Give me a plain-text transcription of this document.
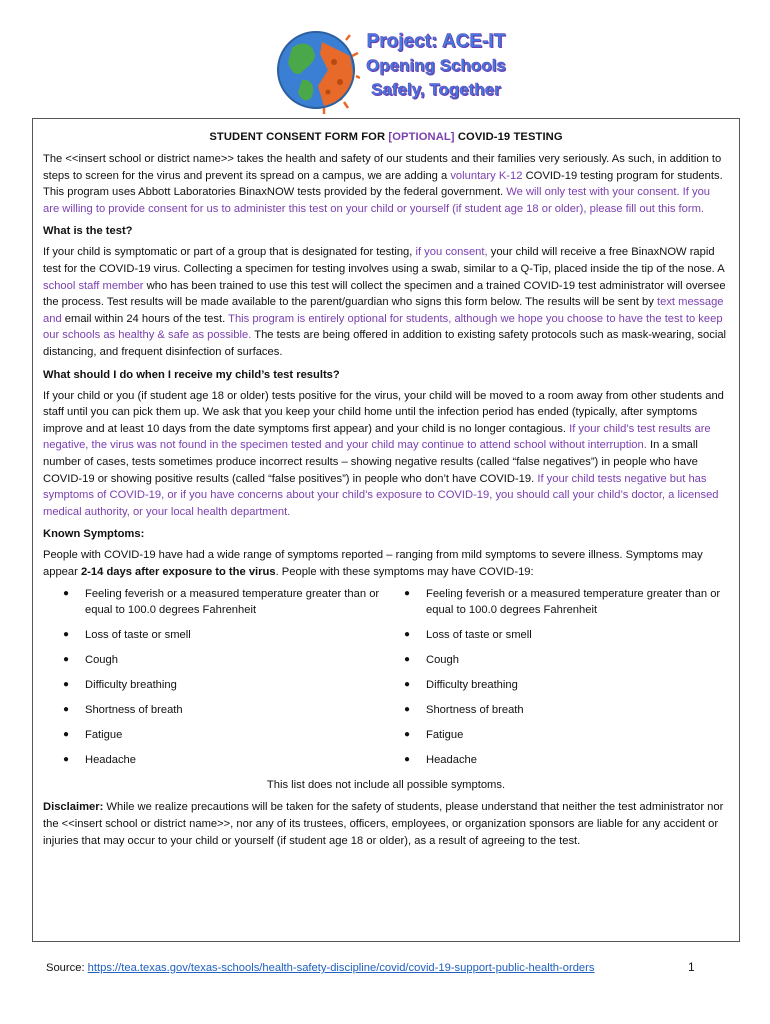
Project: ACE-IT
Opening Schools
Safely, Together
STUDENT CONSENT FORM FOR [OPTIONAL] COVID-19 TESTING

The <<insert school or district name>> takes the health and safety of our students and their families very seriously. As such, in addition to steps to screen for the virus and prevent its spread on a campus, we are adding a voluntary K-12 COVID-19 testing program for students. This program uses Abbott Laboratories BinaxNOW tests provided by the federal government. We will only test with your consent. If you are willing to provide consent for us to administer this test on your child or yourself (if student age 18 or older), please fill out this form.

What is the test?

If your child is symptomatic or part of a group that is designated for testing, if you consent, your child will receive a free BinaxNOW rapid test for the COVID-19 virus. Collecting a specimen for testing involves using a swab, similar to a Q-Tip, placed inside the tip of the nose. A school staff member who has been trained to use this test will collect the specimen and a trained COVID-19 test administrator will oversee the process. Test results will be made available to the parent/guardian who signs this form below. The results will be sent by text message and email within 24 hours of the test. This program is entirely optional for students, although we hope you choose to have the test to keep our schools as healthy & safe as possible. The tests are being offered in addition to existing safety protocols such as mask-wearing, social distancing, and frequent disinfection of surfaces.

What should I do when I receive my child’s test results?

If your child or you (if student age 18 or older) tests positive for the virus, your child will be moved to a room away from other students and staff until you can pick them up. We ask that you keep your child home until the infection period has ended (typically, after symptoms improve and at least 10 days from the date symptoms first appear) and your child is no longer contagious. If your child’s test results are negative, the virus was not found in the specimen tested and your child may continue to attend school without interruption. In a small number of cases, tests sometimes produce incorrect results – showing negative results (called “false negatives”) in people who have COVID-19 or showing positive results (called “false positives”) in people who don’t have COVID-19. If your child tests negative but has symptoms of COVID-19, or if you have concerns about your child’s exposure to COVID-19, you should call your child’s doctor, a licensed medical authority, or your local health department.

Known Symptoms:

People with COVID-19 have had a wide range of symptoms reported – ranging from mild symptoms to severe illness. Symptoms may appear 2-14 days after exposure to the virus. People with these symptoms may have COVID-19:

●	Feeling feverish or a measured temperature greater than or equal to 100.0 degrees Fahrenheit
●	Feeling feverish or a measured temperature greater than or equal to 100.0 degrees Fahrenheit
●	Loss of taste or smell	●	Loss of taste or smell
●	Cough	●	Cough
●	Difficulty breathing	●	Difficulty breathing
●	Shortness of breath	●	Shortness of breath
●	Fatigue	●	Fatigue
●	Headache	●	Headache
This list does not include all possible symptoms.

Disclaimer: While we realize precautions will be taken for the safety of students, please understand that neither the test administrator nor the <<insert school or district name>>, nor any of its trustees, officers, employees, or organization sponsors are liable for any accident or injuries that may occur to your child or yourself (if student age 18 or older), as a result of agreeing to the test.

Source: https://tea.texas.gov/texas-schools/health-safety-discipline/covid/covid-19-support-public-health-orders	1
